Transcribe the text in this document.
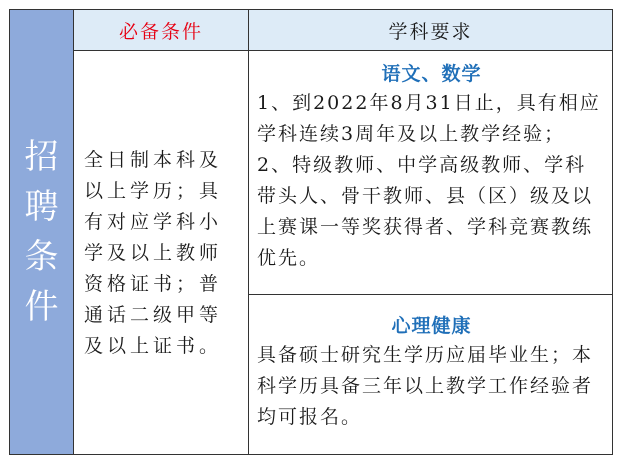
招
聘
条
件
必备条件	学科要求

全日制本科及以上学历；具有对应学科小学及以上教师资格证书；普通话二级甲等及以上证书。

语文、数学

1、到2022年8月31日止，具有相应学科连续3周年及以上教学经验；

2、特级教师、中学高级教师、学科带头人、骨干教师、县（区）级及以上赛课一等奖获得者、学科竞赛教练优先。

心理健康

具备硕士研究生学历应届毕业生；本科学历具备三年以上教学工作经验者均可报名。
